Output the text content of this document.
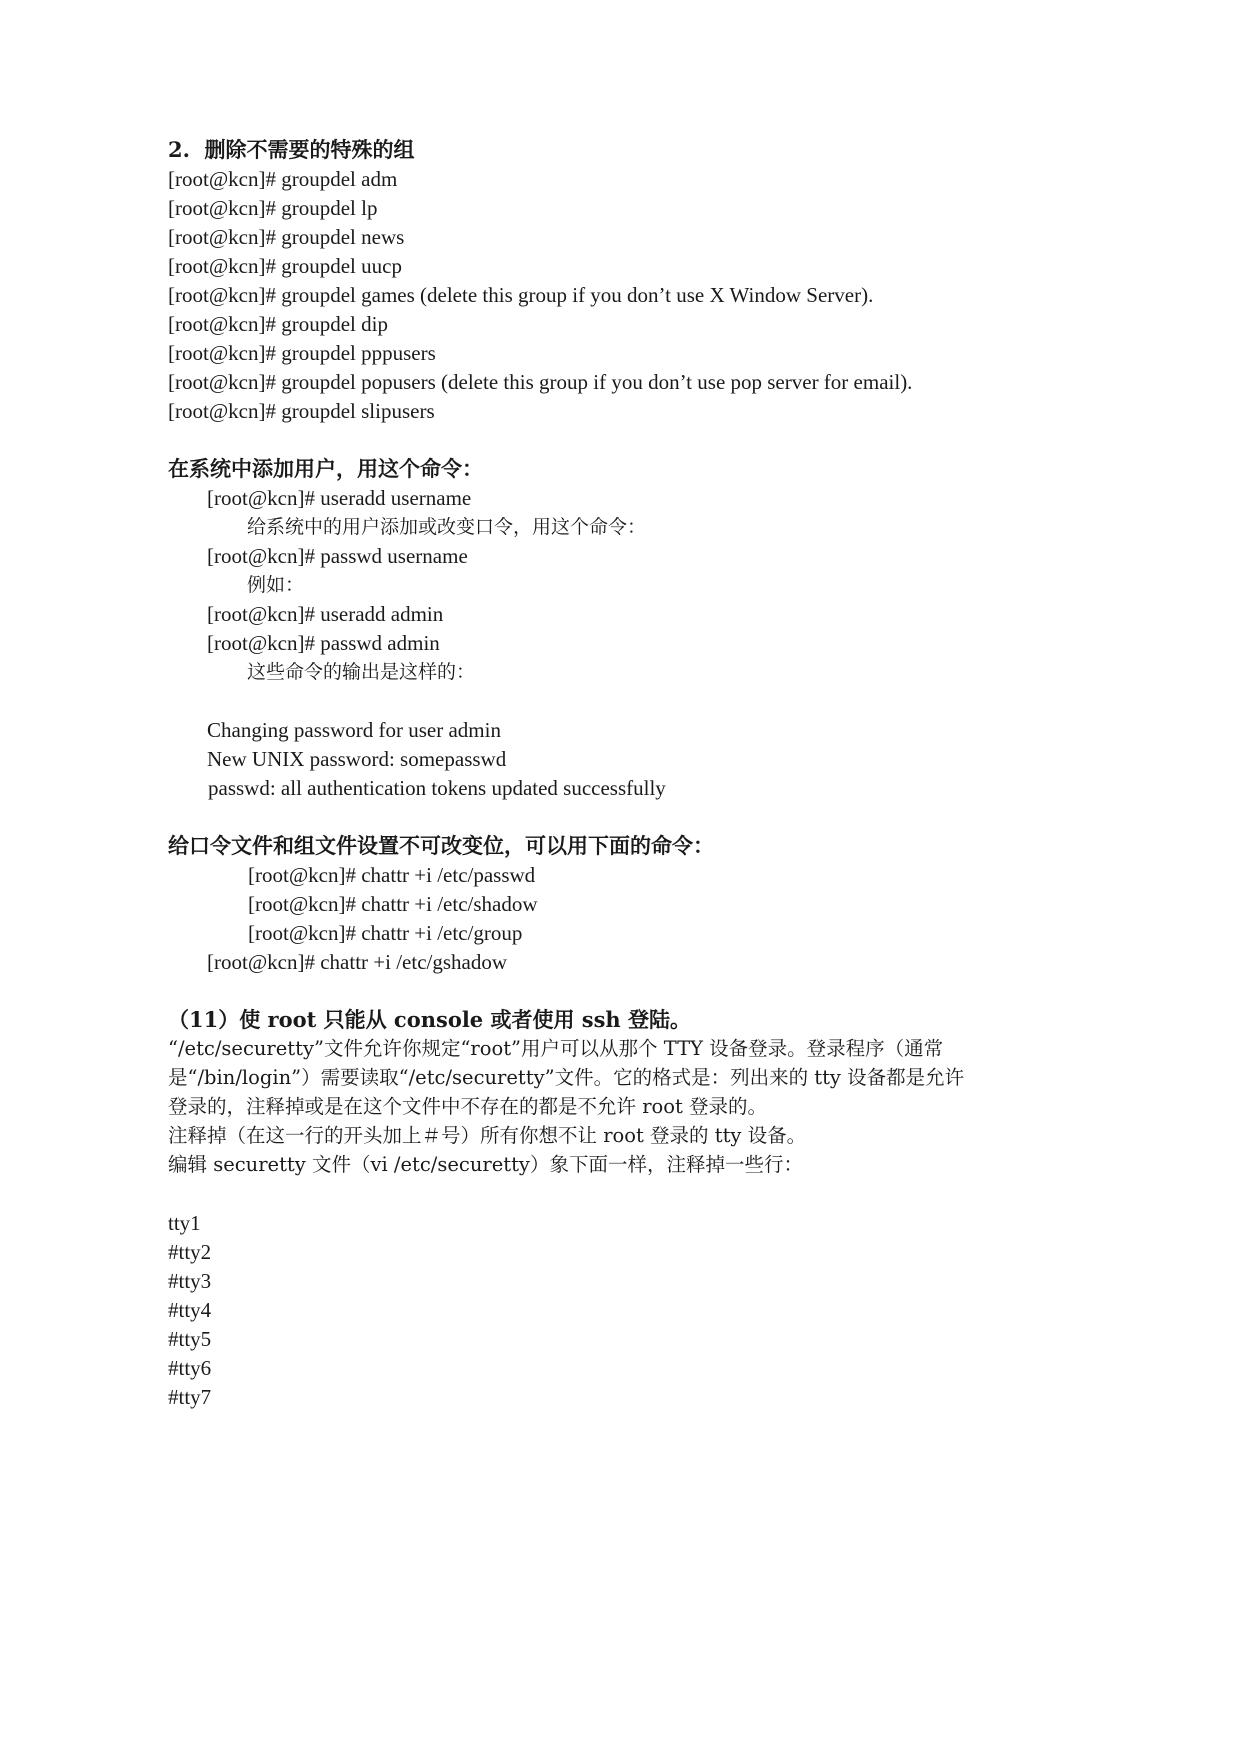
2.  删除不需要的特殊的组
[root@kcn]# groupdel adm
[root@kcn]# groupdel lp
[root@kcn]# groupdel news
[root@kcn]# groupdel uucp
[root@kcn]# groupdel games (delete this group if you don’t use X Window Server).
[root@kcn]# groupdel dip
[root@kcn]# groupdel pppusers
[root@kcn]# groupdel popusers (delete this group if you don’t use pop server for email).
[root@kcn]# groupdel slipusers
在系统中添加用户，用这个命令：
[root@kcn]# useradd username
给系统中的用户添加或改变口令，用这个命令：
[root@kcn]# passwd username
例如：
[root@kcn]# useradd admin
[root@kcn]# passwd admin
这些命令的输出是这样的：
Changing password for user admin
New UNIX password: somepasswd
passwd: all authentication tokens updated successfully
给口令文件和组文件设置不可改变位，可以用下面的命令：
[root@kcn]# chattr +i /etc/passwd
[root@kcn]# chattr +i /etc/shadow
[root@kcn]# chattr +i /etc/group
[root@kcn]# chattr +i /etc/gshadow
（11）使 root 只能从 console 或者使用 ssh 登陆。
“/etc/securetty”文件允许你规定“root”用户可以从那个 TTY 设备登录。登录程序（通常
是“/bin/login”）需要读取“/etc/securetty”文件。它的格式是：列出来的 tty 设备都是允许
登录的，注释掉或是在这个文件中不存在的都是不允许 root 登录的。
注释掉（在这一行的开头加上＃号）所有你想不让 root 登录的 tty 设备。
编辑 securetty 文件（vi /etc/securetty）象下面一样，注释掉一些行：
tty1
#tty2
#tty3
#tty4
#tty5
#tty6
#tty7
